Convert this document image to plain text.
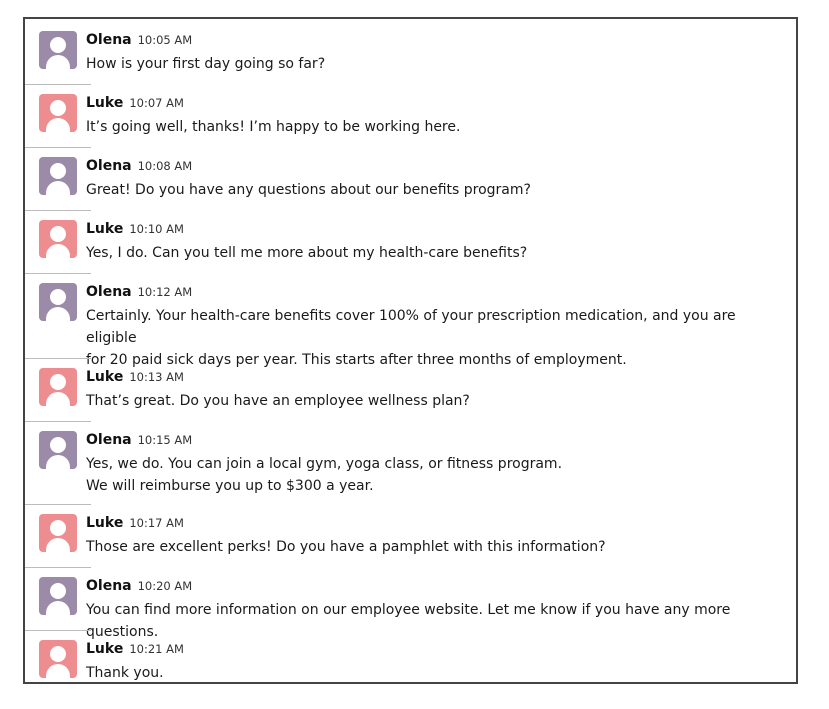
Olena 10:05 AM
How is your first day going so far?
Luke 10:07 AM
It’s going well, thanks! I’m happy to be working here.
Olena 10:08 AM
Great! Do you have any questions about our benefits program?
Luke 10:10 AM
Yes, I do. Can you tell me more about my health-care benefits?
Olena 10:12 AM
Certainly. Your health-care benefits cover 100% of your prescription medication, and you are eligible
for 20 paid sick days per year. This starts after three months of employment.
Luke 10:13 AM
That’s great. Do you have an employee wellness plan?
Olena 10:15 AM
Yes, we do. You can join a local gym, yoga class, or fitness program.
We will reimburse you up to $300 a year.
Luke 10:17 AM
Those are excellent perks! Do you have a pamphlet with this information?
Olena 10:20 AM
You can find more information on our employee website. Let me know if you have any more questions.
Luke 10:21 AM
Thank you.
